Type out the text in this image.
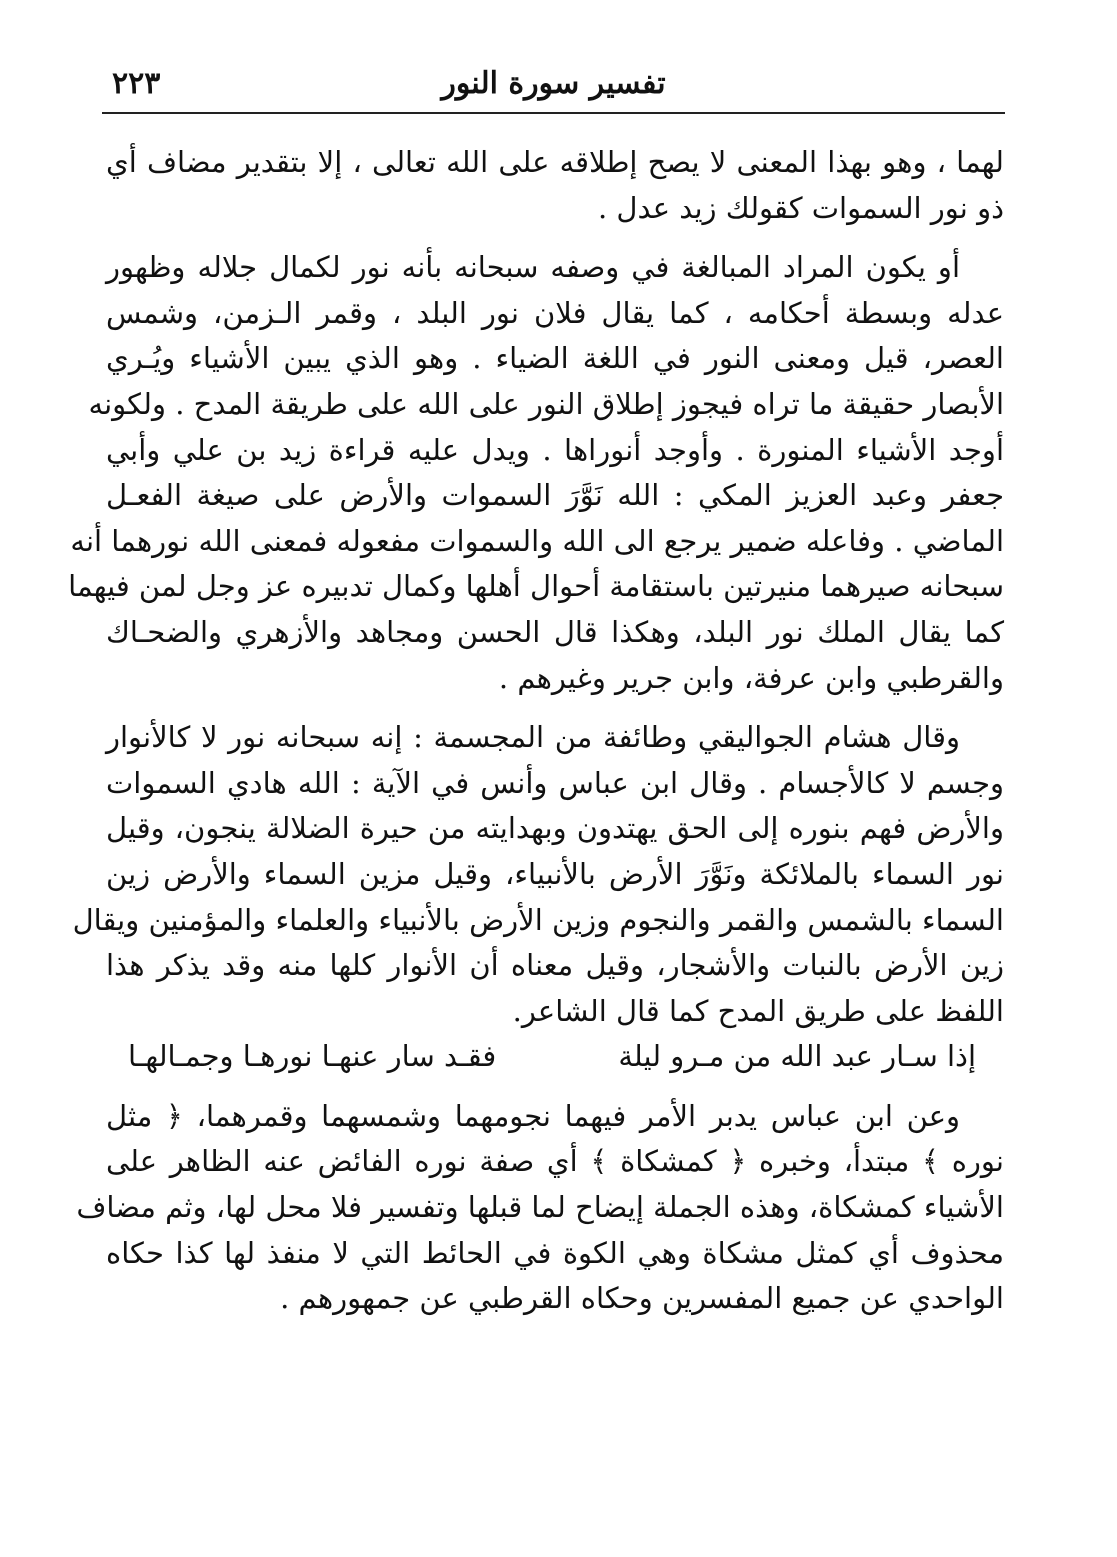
٢٢٣	تفسير سورة النور
لهما ، وهو بهذا المعنى لا يصح إطلاقه على الله تعالى ، إلا بتقدير مضاف أي
ذو نور السموات كقولك زيد عدل .
أو يكون المراد المبالغة في وصفه سبحانه بأنه نور لكمال جلاله وظهور
عدله وبسطة أحكامه ، كما يقال فلان نور البلد ، وقمر الـزمن، وشمس
العصر، قيل ومعنى النور في اللغة الضياء . وهو الذي يبين الأشياء ويُـري
الأبصار حقيقة ما تراه فيجوز إطلاق النور على الله على طريقة المدح . ولكونه
أوجد الأشياء المنورة . وأوجد أنوراها . ويدل عليه قراءة زيد بن علي وأبي
جعفر وعبد العزيز المكي : الله نَوَّرَ السموات والأرض على صيغة الفعـل
الماضي . وفاعله ضمير يرجع الى الله والسموات مفعوله فمعنى الله نورهما أنه
سبحانه صيرهما منيرتين باستقامة أحوال أهلها وكمال تدبيره عز وجل لمن فيهما
كما يقال الملك نور البلد، وهكذا قال الحسن ومجاهد والأزهري والضحـاك
والقرطبي وابن عرفة، وابن جرير وغيرهم .
وقال هشام الجواليقي وطائفة من المجسمة : إنه سبحانه نور لا كالأنوار
وجسم لا كالأجسام . وقال ابن عباس وأنس في الآية : الله هادي السموات
والأرض فهم بنوره إلى الحق يهتدون وبهدايته من حيرة الضلالة ينجون، وقيل
نور السماء بالملائكة ونَوَّرَ الأرض بالأنبياء، وقيل مزين السماء والأرض زين
السماء بالشمس والقمر والنجوم وزين الأرض بالأنبياء والعلماء والمؤمنين ويقال
زين الأرض بالنبات والأشجار، وقيل معناه أن الأنوار كلها منه وقد يذكر هذا
اللفظ على طريق المدح كما قال الشاعر.
إذا سـار عبد الله من مـرو ليلة
فقـد سار عنهـا نورهـا وجمـالهـا
وعن ابن عباس يدبر الأمر فيهما نجومهما وشمسهما وقمرهما، ﴿ مثل
نوره ﴾ مبتدأ، وخبره ﴿ كمشكاة ﴾ أي صفة نوره الفائض عنه الظاهر على
الأشياء كمشكاة، وهذه الجملة إيضاح لما قبلها وتفسير فلا محل لها، وثم مضاف
محذوف أي كمثل مشكاة وهي الكوة في الحائط التي لا منفذ لها كذا حكاه
الواحدي عن جميع المفسرين وحكاه القرطبي عن جمهورهم .
